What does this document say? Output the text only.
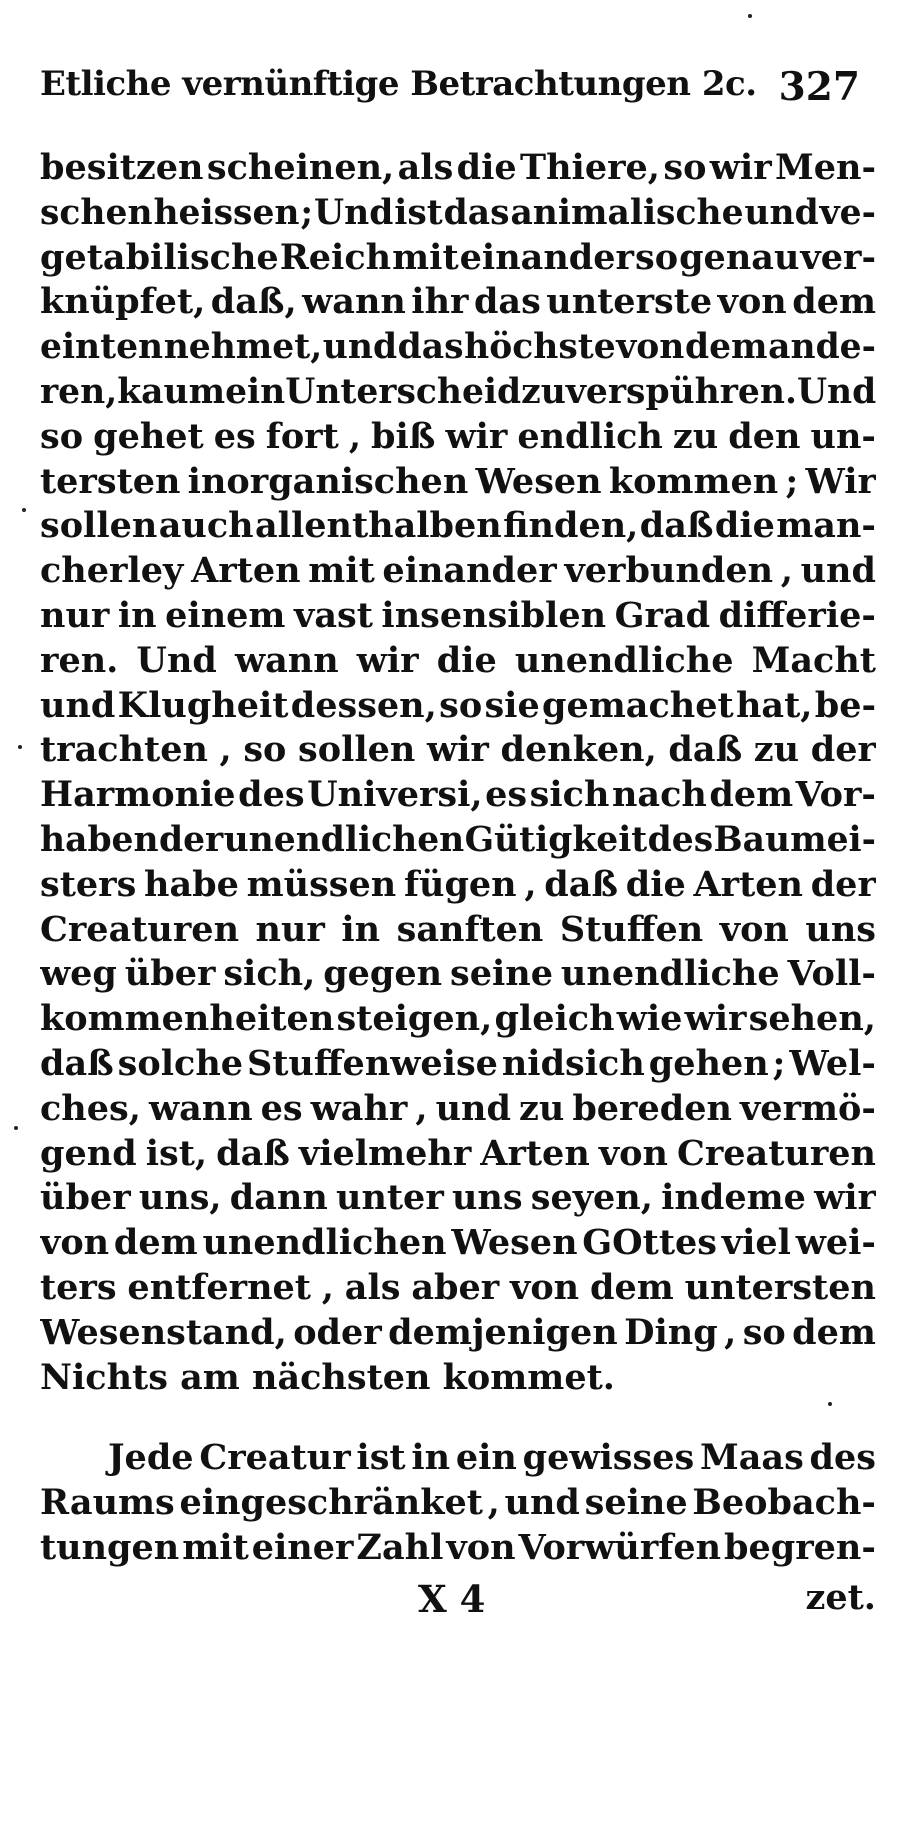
Etliche vernünftige Betrachtungen 2c. 327
besitzen scheinen, als die Thiere, so wir Men-
schen heissen ; Und ist das animalische und ve-
getabilische Reich mit einander so genau ver-
knüpfet, daß, wann ihr das unterste von dem
einten nehmet, und das höchste von dem ande-
ren, kaum ein Unterscheid zu verspühren. Und
so gehet es fort , biß wir endlich zu den un-
tersten inorganischen Wesen kommen ; Wir
sollen auch allenthalben finden, daß die man-
cherley Arten mit einander verbunden , und
nur in einem vast insensiblen Grad differie-
ren. Und wann wir die unendliche Macht
und Klugheit dessen, so sie gemachet hat, be-
trachten , so sollen wir denken, daß zu der
Harmonie des Universi, es sich nach dem Vor-
haben der unendlichen Gütigkeit des Baumei-
sters habe müssen fügen , daß die Arten der
Creaturen nur in sanften Stuffen von uns
weg über sich, gegen seine unendliche Voll-
kommenheiten steigen, gleich wie wir sehen,
daß solche Stuffenweise nidsich gehen ; Wel-
ches, wann es wahr , und zu bereden vermö-
gend ist, daß vielmehr Arten von Creaturen
über uns, dann unter uns seyen, indeme wir
von dem unendlichen Wesen GOttes viel wei-
ters entfernet , als aber von dem untersten
Wesenstand, oder demjenigen Ding , so dem
Nichts am nächsten kommet.
Jede Creatur ist in ein gewisses Maas des
Raums eingeschränket , und seine Beobach-
tungen mit einer Zahl von Vorwürfen begren-
X 4	zet.
